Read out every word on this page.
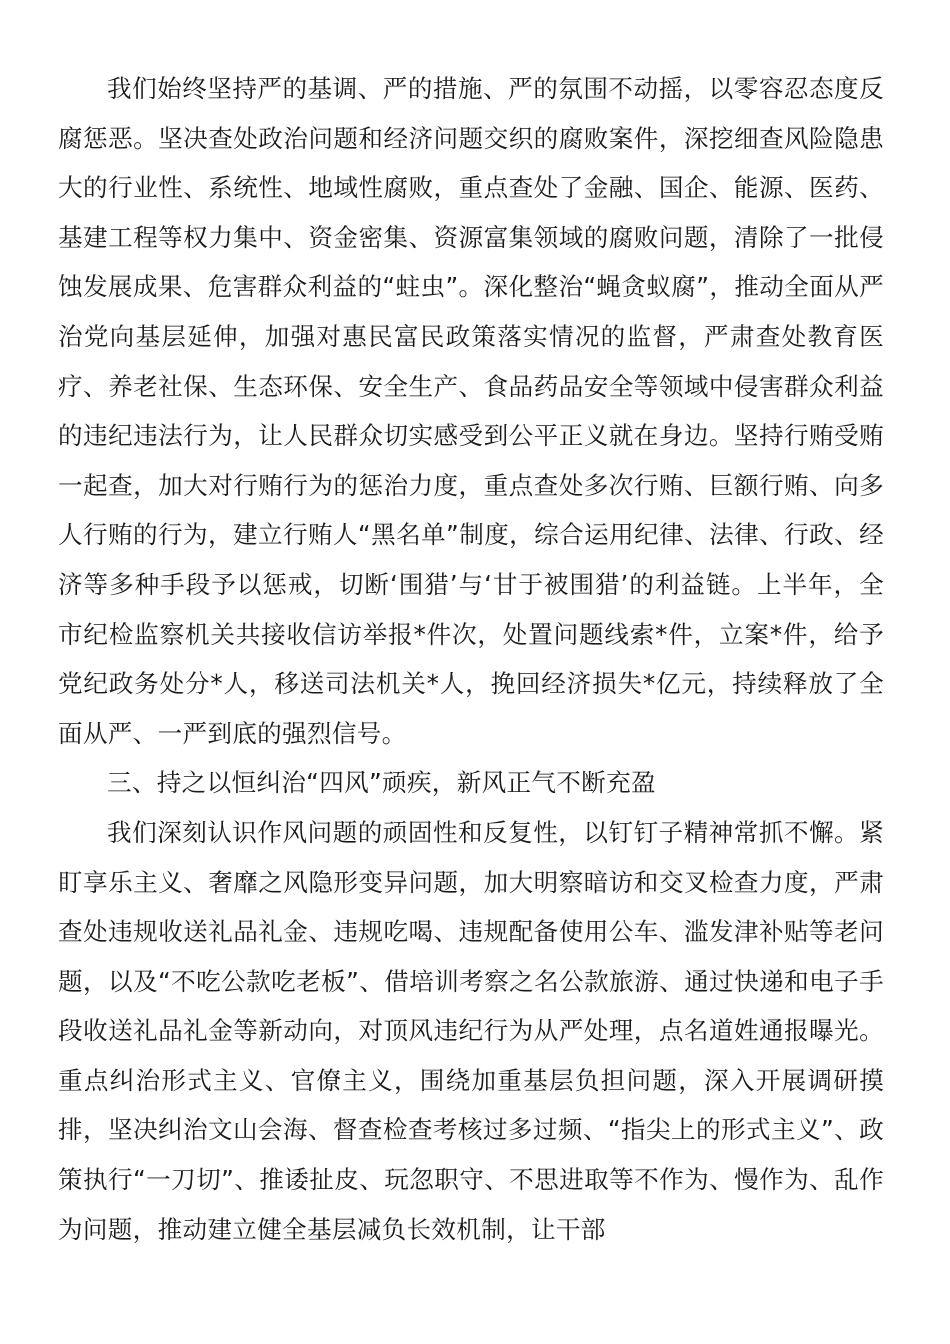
我们始终坚持严的基调、严的措施、严的氛围不动摇，以零容忍态度反腐惩恶。坚决查处政治问题和经济问题交织的腐败案件，深挖细查风险隐患大的行业性、系统性、地域性腐败，重点查处了金融、国企、能源、医药、基建工程等权力集中、资金密集、资源富集领域的腐败问题，清除了一批侵蚀发展成果、危害群众利益的“蛀虫”。深化整治“蝇贪蚁腐”，推动全面从严治党向基层延伸，加强对惠民富民政策落实情况的监督，严肃查处教育医疗、养老社保、生态环保、安全生产、食品药品安全等领域中侵害群众利益的违纪违法行为，让人民群众切实感受到公平正义就在身边。坚持行贿受贿一起查，加大对行贿行为的惩治力度，重点查处多次行贿、巨额行贿、向多人行贿的行为，建立行贿人“黑名单”制度，综合运用纪律、法律、行政、经济等多种手段予以惩戒，切断‘围猎’与‘甘于被围猎’的利益链。上半年，全市纪检监察机关共接收信访举报*件次，处置问题线索*件，立案*件，给予党纪政务处分*人，移送司法机关*人，挽回经济损失*亿元，持续释放了全面从严、一严到底的强烈信号。

三、持之以恒纠治“四风”顽疾，新风正气不断充盈

我们深刻认识作风问题的顽固性和反复性，以钉钉子精神常抓不懈。紧盯享乐主义、奢靡之风隐形变异问题，加大明察暗访和交叉检查力度，严肃查处违规收送礼品礼金、违规吃喝、违规配备使用公车、滥发津补贴等老问题，以及“不吃公款吃老板”、借培训考察之名公款旅游、通过快递和电子手段收送礼品礼金等新动向，对顶风违纪行为从严处理，点名道姓通报曝光。重点纠治形式主义、官僚主义，围绕加重基层负担问题，深入开展调研摸排，坚决纠治文山会海、督查检查考核过多过频、“指尖上的形式主义”、政策执行“一刀切”、推诿扯皮、玩忽职守、不思进取等不作为、慢作为、乱作为问题，推动建立健全基层减负长效机制，让干部
